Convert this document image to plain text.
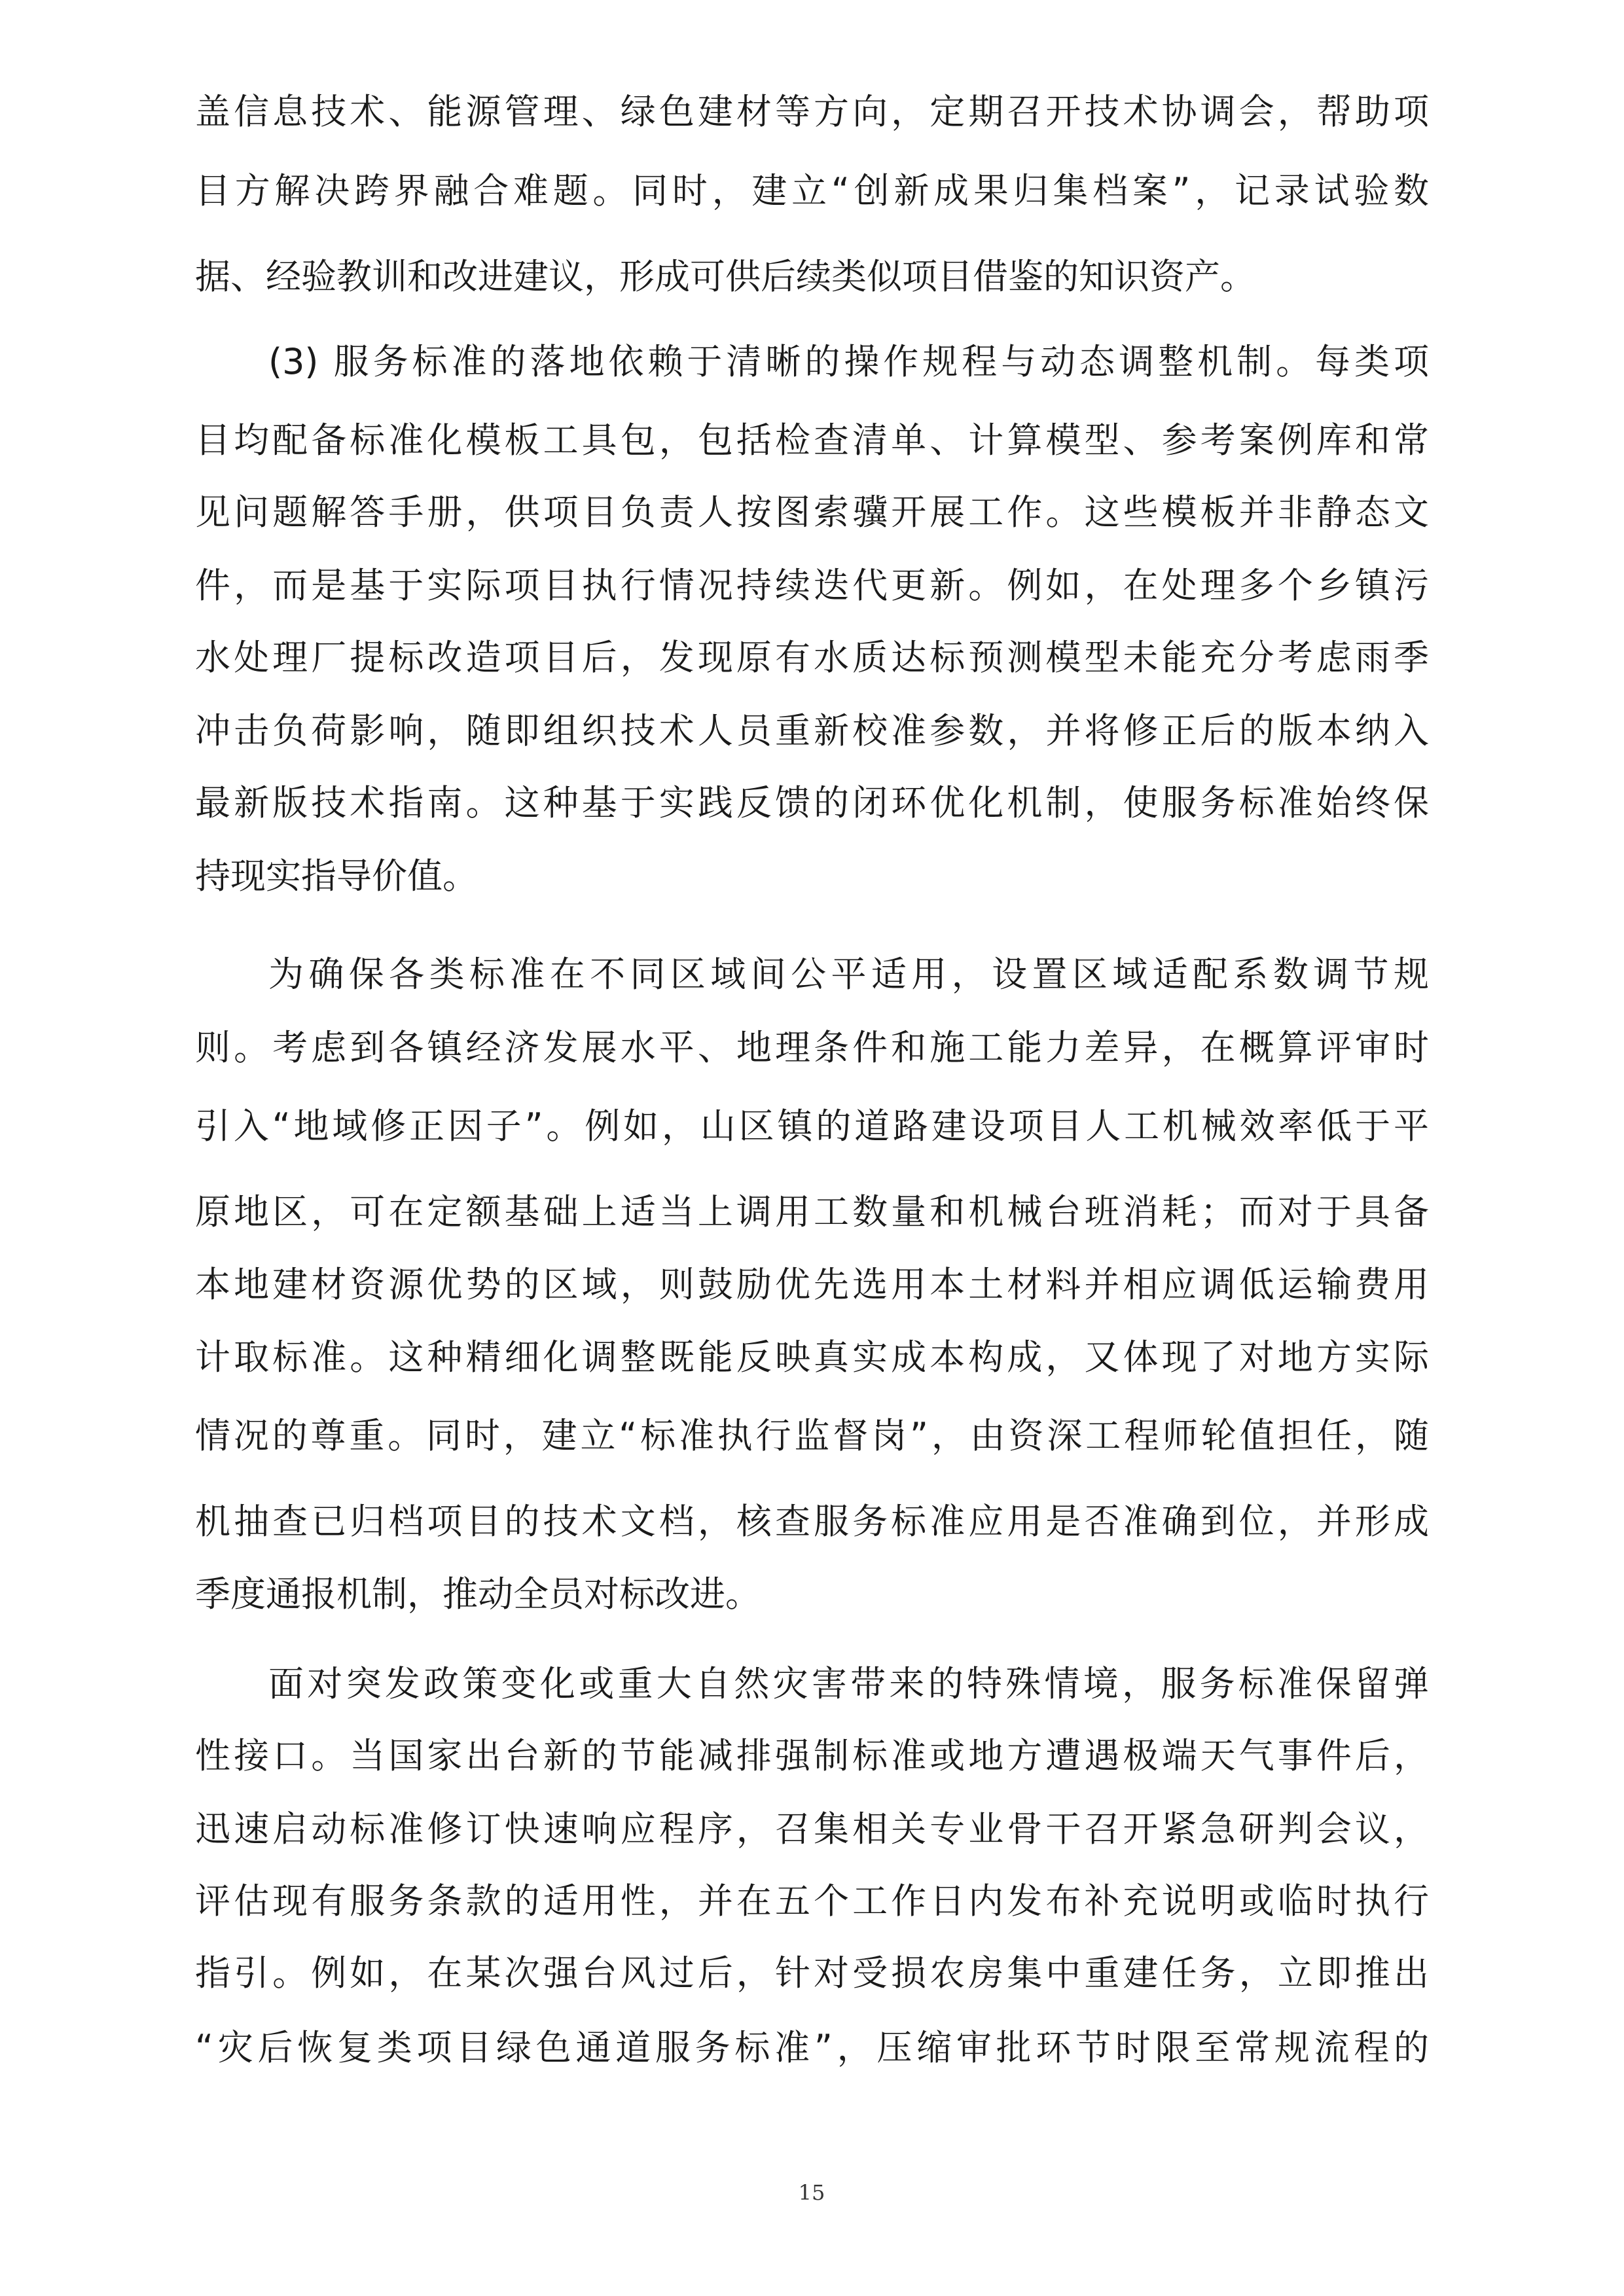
盖信息技术、能源管理、绿色建材等方向，定期召开技术协调会，帮助项

目方解决跨界融合难题。同时，建立“创新成果归集档案”，记录试验数

据、经验教训和改进建议，形成可供后续类似项目借鉴的知识资产。

(3) 服务标准的落地依赖于清晰的操作规程与动态调整机制。每类项

目均配备标准化模板工具包，包括检查清单、计算模型、参考案例库和常

见问题解答手册，供项目负责人按图索骥开展工作。这些模板并非静态文

件，而是基于实际项目执行情况持续迭代更新。例如，在处理多个乡镇污

水处理厂提标改造项目后，发现原有水质达标预测模型未能充分考虑雨季

冲击负荷影响，随即组织技术人员重新校准参数，并将修正后的版本纳入

最新版技术指南。这种基于实践反馈的闭环优化机制，使服务标准始终保

持现实指导价值。

为确保各类标准在不同区域间公平适用，设置区域适配系数调节规

则。考虑到各镇经济发展水平、地理条件和施工能力差异，在概算评审时

引入“地域修正因子”。例如，山区镇的道路建设项目人工机械效率低于平

原地区，可在定额基础上适当上调用工数量和机械台班消耗；而对于具备

本地建材资源优势的区域，则鼓励优先选用本土材料并相应调低运输费用

计取标准。这种精细化调整既能反映真实成本构成，又体现了对地方实际

情况的尊重。同时，建立“标准执行监督岗”，由资深工程师轮值担任，随

机抽查已归档项目的技术文档，核查服务标准应用是否准确到位，并形成

季度通报机制，推动全员对标改进。

面对突发政策变化或重大自然灾害带来的特殊情境，服务标准保留弹

性接口。当国家出台新的节能减排强制标准或地方遭遇极端天气事件后，

迅速启动标准修订快速响应程序，召集相关专业骨干召开紧急研判会议，

评估现有服务条款的适用性，并在五个工作日内发布补充说明或临时执行

指引。例如，在某次强台风过后，针对受损农房集中重建任务，立即推出

“灾后恢复类项目绿色通道服务标准”，压缩审批环节时限至常规流程的

15
